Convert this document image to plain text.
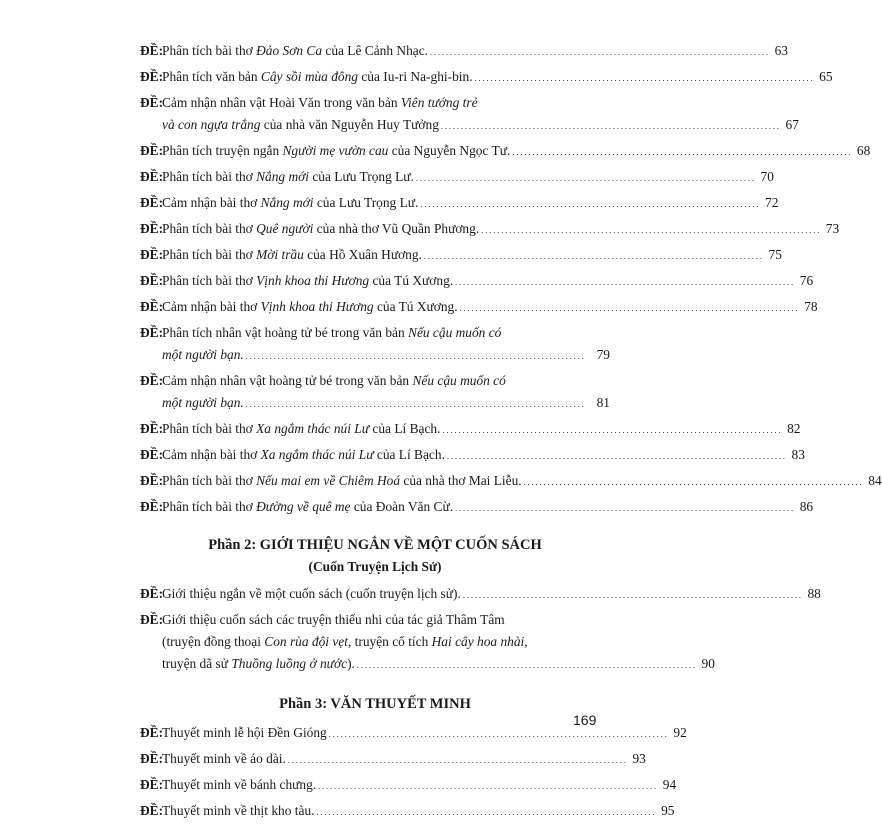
ĐỀ:
Phân tích bài thơ Đảo Sơn Ca của Lê Cảnh Nhạc. . . .	63
ĐỀ:
Phân tích văn bản Cây sồi mùa đông của Iu-ri Na-ghi-bin. . . .	65
ĐỀ:
Cảm nhận nhân vật Hoài Văn trong văn bản Viên tướng trẻ
và con ngựa trắng của nhà văn Nguyễn Huy Tưởng . . .	67
ĐỀ:
Phân tích truyện ngắn Người mẹ vườn cau của Nguyễn Ngọc Tư. . . .	68
ĐỀ:
Phân tích bài thơ Nắng mới của Lưu Trọng Lư. . . .	70
ĐỀ:
Cảm nhận bài thơ Nắng mới của Lưu Trọng Lư. . . .	72
ĐỀ:
Phân tích bài thơ Quê người của nhà thơ Vũ Quần Phương. . . .	73
ĐỀ:
Phân tích bài thơ Mời trầu của Hồ Xuân Hương. . . .	75
ĐỀ:
Phân tích bài thơ Vịnh khoa thi Hương của Tú Xương. . . .	76
ĐỀ:
Cảm nhận bài thơ Vịnh khoa thi Hương của Tú Xương. . . .	78
ĐỀ:
Phân tích nhân vật hoàng tử bé trong văn bản Nếu cậu muốn có
một người bạn. . . .	79
ĐỀ:
Cảm nhận nhân vật hoàng tử bé trong văn bản Nếu cậu muốn có
một người bạn. . . .	81
ĐỀ:
Phân tích bài thơ Xa ngắm thác núi Lư của Lí Bạch. . . .	82
ĐỀ:
Cảm nhận bài thơ Xa ngắm thác núi Lư của Lí Bạch. . . .	83
ĐỀ:
Phân tích bài thơ Nếu mai em về Chiêm Hoá của nhà thơ Mai Liễu. . . .	84
ĐỀ:
Phân tích bài thơ Đường về quê mẹ của Đoàn Văn Cừ. . . .	86
Phần 2: GIỚI THIỆU NGẮN VỀ MỘT CUỐN SÁCH
(Cuốn Truyện Lịch Sử)
ĐỀ:
Giới thiệu ngắn về một cuốn sách (cuốn truyện lịch sử). . . .	88
ĐỀ:
Giới thiệu cuốn sách các truyện thiếu nhi của tác giả Thâm Tâm
(truyện đồng thoại Con rùa đội vẹt, truyện cổ tích Hai cây hoa nhài,
truyện dã sử Thuồng luồng ở nước). . . .	90
Phần 3: VĂN THUYẾT MINH
ĐỀ:
Thuyết minh lễ hội Đền Gióng . . .	92
ĐỀ:
Thuyết minh về áo dài. . . .	93
ĐỀ:
Thuyết minh về bánh chưng. . . .	94
ĐỀ:
Thuyết minh về thịt kho tàu. . . .	95
169
